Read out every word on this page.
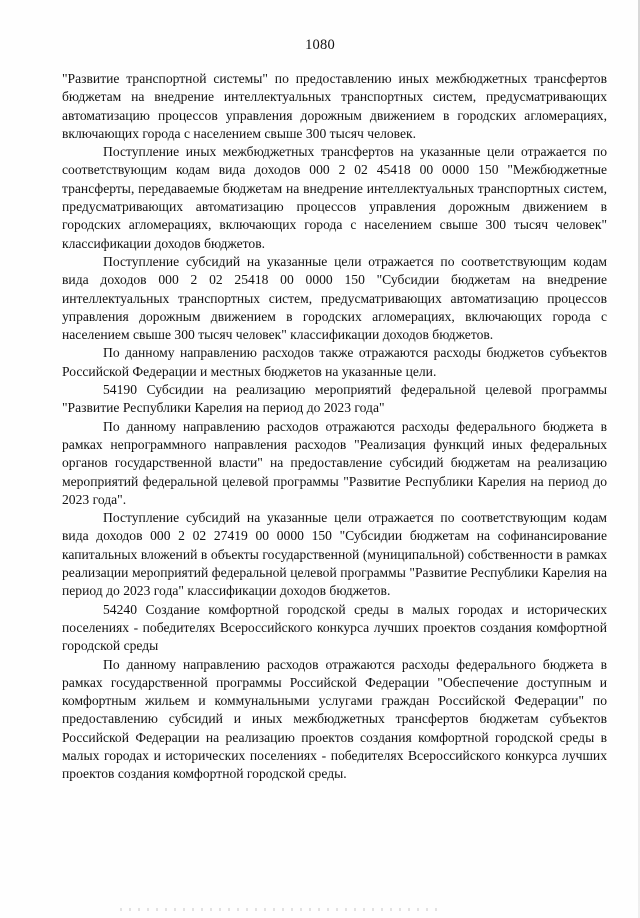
1080

"Развитие транспортной системы" по предоставлению иных межбюджетных трансфертов бюджетам на внедрение интеллектуальных транспортных систем, предусматривающих автоматизацию процессов управления дорожным движением в городских агломерациях, включающих города с населением свыше 300 тысяч человек.

Поступление иных межбюджетных трансфертов на указанные цели отражается по соответствующим кодам вида доходов 000 2 02 45418 00 0000 150 "Межбюджетные трансферты, передаваемые бюджетам на внедрение интеллектуальных транспортных систем, предусматривающих автоматизацию процессов управления дорожным движением в городских агломерациях, включающих города с населением свыше 300 тысяч человек" классификации доходов бюджетов.

Поступление субсидий на указанные цели отражается по соответствующим кодам вида доходов 000 2 02 25418 00 0000 150 "Субсидии бюджетам на внедрение интеллектуальных транспортных систем, предусматривающих автоматизацию процессов управления дорожным движением в городских агломерациях, включающих города с населением свыше 300 тысяч человек" классификации доходов бюджетов.

По данному направлению расходов также отражаются расходы бюджетов субъектов Российской Федерации и местных бюджетов на указанные цели.

54190 Субсидии на реализацию мероприятий федеральной целевой программы "Развитие Республики Карелия на период до 2023 года"

По данному направлению расходов отражаются расходы федерального бюджета в рамках непрограммного направления расходов "Реализация функций иных федеральных органов государственной власти" на предоставление субсидий бюджетам на реализацию мероприятий федеральной целевой программы "Развитие Республики Карелия на период до 2023 года".

Поступление субсидий на указанные цели отражается по соответствующим кодам вида доходов 000 2 02 27419 00 0000 150 "Субсидии бюджетам на софинансирование капитальных вложений в объекты государственной (муниципальной) собственности в рамках реализации мероприятий федеральной целевой программы "Развитие Республики Карелия на период до 2023 года" классификации доходов бюджетов.

54240 Создание комфортной городской среды в малых городах и исторических поселениях - победителях Всероссийского конкурса лучших проектов создания комфортной городской среды

По данному направлению расходов отражаются расходы федерального бюджета в рамках государственной программы Российской Федерации "Обеспечение доступным и комфортным жильем и коммунальными услугами граждан Российской Федерации" по предоставлению субсидий и иных межбюджетных трансфертов бюджетам субъектов Российской Федерации на реализацию проектов создания комфортной городской среды в малых городах и исторических поселениях - победителях Всероссийского конкурса лучших проектов создания комфортной городской среды.
